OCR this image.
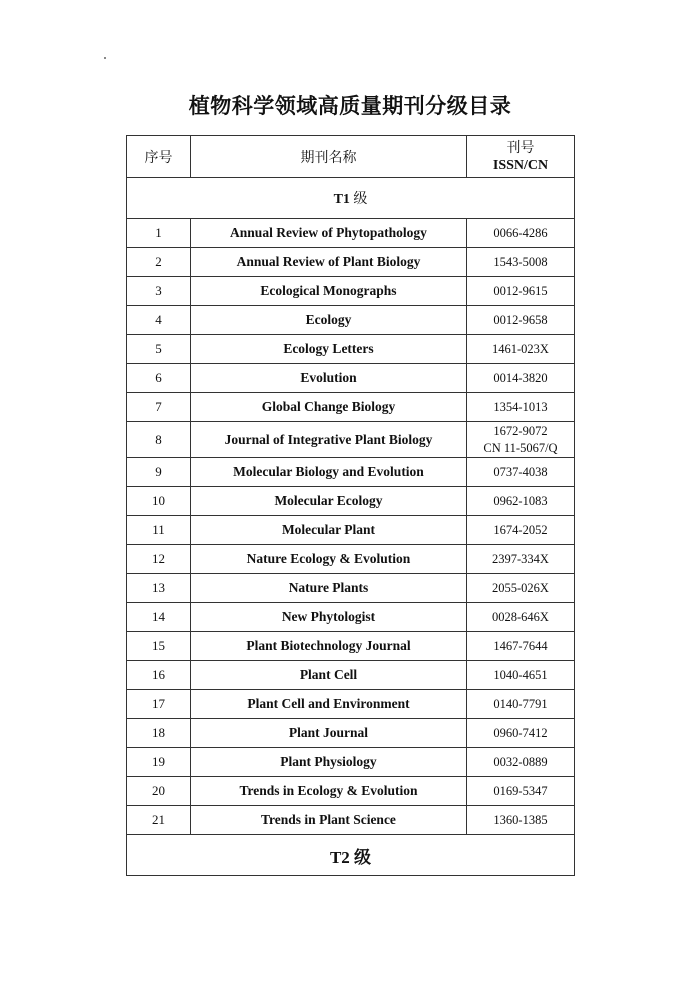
植物科学领域高质量期刊分级目录
序号	期刊名称	刊号
ISSN/CN

T1 级		
1	Annual Review of Phytopathology	0066-4286

2	Annual Review of Plant Biology	1543-5008

3	Ecological Monographs	0012-9615

4	Ecology	0012-9658

5	Ecology Letters	1461-023X

6	Evolution	0014-3820

7	Global Change Biology	1354-1013

8	Journal of Integrative Plant Biology	1672-9072
CN 11-5067/Q

9	Molecular Biology and Evolution	0737-4038

10	Molecular Ecology	0962-1083

11	Molecular Plant	1674-2052

12	Nature Ecology & Evolution	2397-334X

13	Nature Plants	2055-026X

14	New Phytologist	0028-646X

15	Plant Biotechnology Journal	1467-7644

16	Plant Cell	1040-4651

17	Plant Cell and Environment	0140-7791

18	Plant Journal	0960-7412

19	Plant Physiology	0032-0889

20	Trends in Ecology & Evolution	0169-5347

21	Trends in Plant Science	1360-1385

T2 级		
